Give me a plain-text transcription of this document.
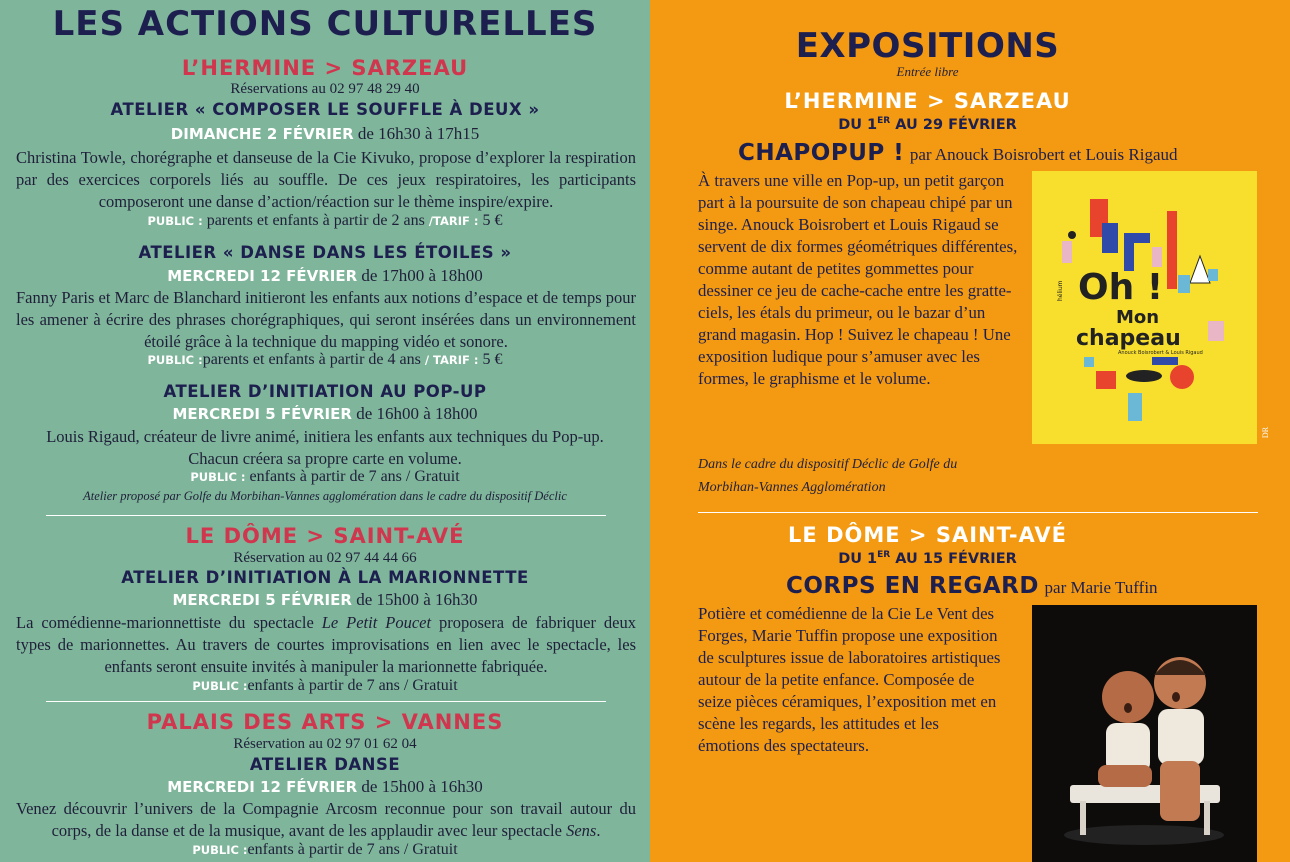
LES ACTIONS CULTURELLES
L’HERMINE > SARZEAU
Réservations au 02 97 48 29 40
ATELIER « COMPOSER LE SOUFFLE À DEUX »
DIMANCHE 2 FÉVRIER de 16h30 à 17h15
Christina Towle, chorégraphe et danseuse de la Cie Kivuko, propose d’explorer la respiration par des exercices corporels liés au souffle. De ces jeux respiratoires, les participants composeront une danse d’action/réaction sur le thème inspire/expire.
PUBLIC : parents et enfants à partir de 2 ans /TARIF : 5 €
ATELIER « DANSE DANS LES ÉTOILES »
MERCREDI 12 FÉVRIER de 17h00 à 18h00
Fanny Paris et Marc de Blanchard initieront les enfants aux notions d’espace et de temps pour les amener à écrire des phrases chorégraphiques, qui seront insérées dans un environnement étoilé grâce à la technique du mapping vidéo et sonore.
PUBLIC :parents et enfants à partir de 4 ans / TARIF : 5 €
ATELIER D’INITIATION AU POP-UP
MERCREDI 5 FÉVRIER de 16h00 à 18h00
Louis Rigaud, créateur de livre animé, initiera les enfants aux techniques du Pop-up. Chacun créera sa propre carte en volume.
PUBLIC : enfants à partir de 7 ans / Gratuit
Atelier proposé par Golfe du Morbihan-Vannes agglomération dans le cadre du dispositif Déclic
LE DÔME > SAINT-AVÉ
Réservation au 02 97 44 44 66
ATELIER D’INITIATION À LA MARIONNETTE
MERCREDI 5 FÉVRIER de 15h00 à 16h30
La comédienne-marionnettiste du spectacle Le Petit Poucet proposera de fabriquer deux types de marionnettes. Au travers de courtes improvisations en lien avec le spectacle, les enfants seront ensuite invités à manipuler la marionnette fabriquée.
PUBLIC :enfants à partir de 7 ans / Gratuit
PALAIS DES ARTS > VANNES
Réservation au 02 97 01 62 04
ATELIER DANSE
MERCREDI 12 FÉVRIER de 15h00 à 16h30
Venez découvrir l’univers de la Compagnie Arcosm reconnue pour son travail autour du corps, de la danse et de la musique, avant de les applaudir avec leur spectacle Sens.
PUBLIC :enfants à partir de 7 ans / Gratuit
EXPOSITIONS
Entrée libre
L’HERMINE > SARZEAU
DU 1ER AU 29 FÉVRIER
CHAPOPUP ! par Anouck Boisrobert et Louis Rigaud
À travers une ville en Pop-up, un petit garçon part à la poursuite de son chapeau chipé par un singe. Anouck Boisrobert et Louis Rigaud se servent de dix formes géométriques différentes, comme autant de petites gommettes pour dessiner ce jeu de cache-cache entre les gratte-ciels, les étals du primeur, ou le bazar d’un grand magasin. Hop ! Suivez le chapeau ! Une exposition ludique pour s’amuser avec les formes, le graphisme et le volume.
Dans le cadre du dispositif Déclic de Golfe du Morbihan-Vannes Agglomération
Oh !
Mon
chapeau
Anouck Boisrobert & Louis Rigaud
hélium
DR
LE DÔME > SAINT-AVÉ
DU 1ER AU 15 FÉVRIER
CORPS EN REGARD par Marie Tuffin
Potière et comédienne de la Cie Le Vent des Forges, Marie Tuffin propose une exposition de sculptures issue de laboratoires artistiques autour de la petite enfance. Composée de seize pièces céramiques, l’exposition met en scène les regards, les attitudes et les émotions des spectateurs.
